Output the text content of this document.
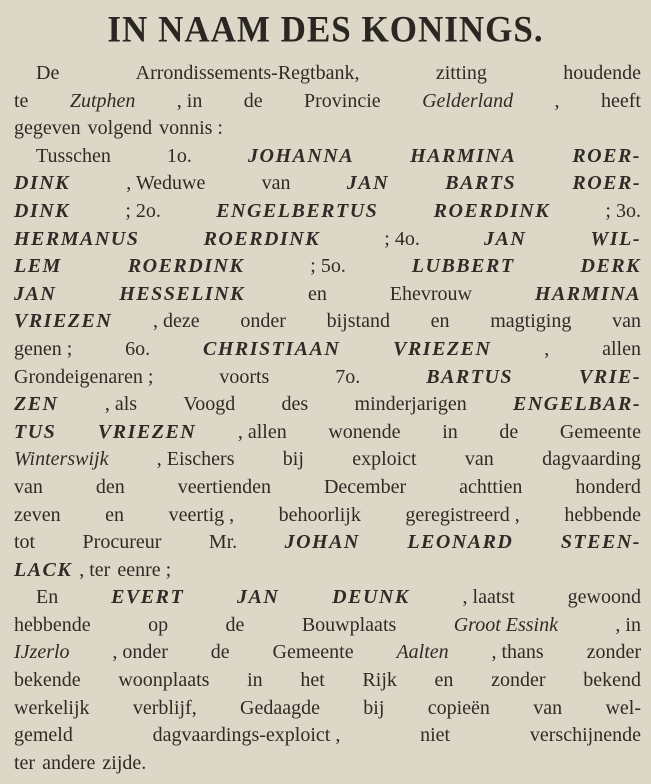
IN NAAM DES KONINGS.
De	Arrondissements-Regtbank,	zitting	houdende
te Zutphen , in de Provincie Gelderland , heeft
gegeven volgend vonnis :
Tusschen	1o.	JOHANNA	HARMINA	ROER-
DINK	, Weduwe	van	JAN	BARTS	ROER-
DINK	; 2o.	ENGELBERTUS	ROERDINK	; 3o.
HERMANUS	ROERDINK	; 4o.	JAN	WIL-
LEM	ROERDINK	; 5o.	LUBBERT	DERK
JAN	HESSELINK	en	Ehevrouw	HARMINA
VRIEZEN , deze onder bijstand en magtiging van
genen ;	6o.	CHRISTIAAN	VRIEZEN	,	allen
Grondeigenaren ;	voorts	7o.	BARTUS	VRIE-
ZEN , als Voogd des minderjarigen ENGELBAR-
TUS VRIEZEN , allen wonende in de Gemeente
Winterswijk , Eischers bij exploict van dagvaarding
van	den	veertienden	December	achttien	honderd
zeven en veertig , behoorlijk geregistreerd , hebbende
tot Procureur Mr. JOHAN LEONARD STEEN-
LACK , ter eenre ;
En	EVERT	JAN	DEUNK	, laatst	gewoond
hebbende	op	de	Bouwplaats	Groot Essink	, in
IJzerlo , onder de Gemeente Aalten , thans zonder
bekende woonplaats in het Rijk en zonder bekend
werkelijk verblijf, Gedaagde bij copieën van wel-
gemeld	dagvaardings-exploict ,	niet	verschijnende
ter andere zijde.
